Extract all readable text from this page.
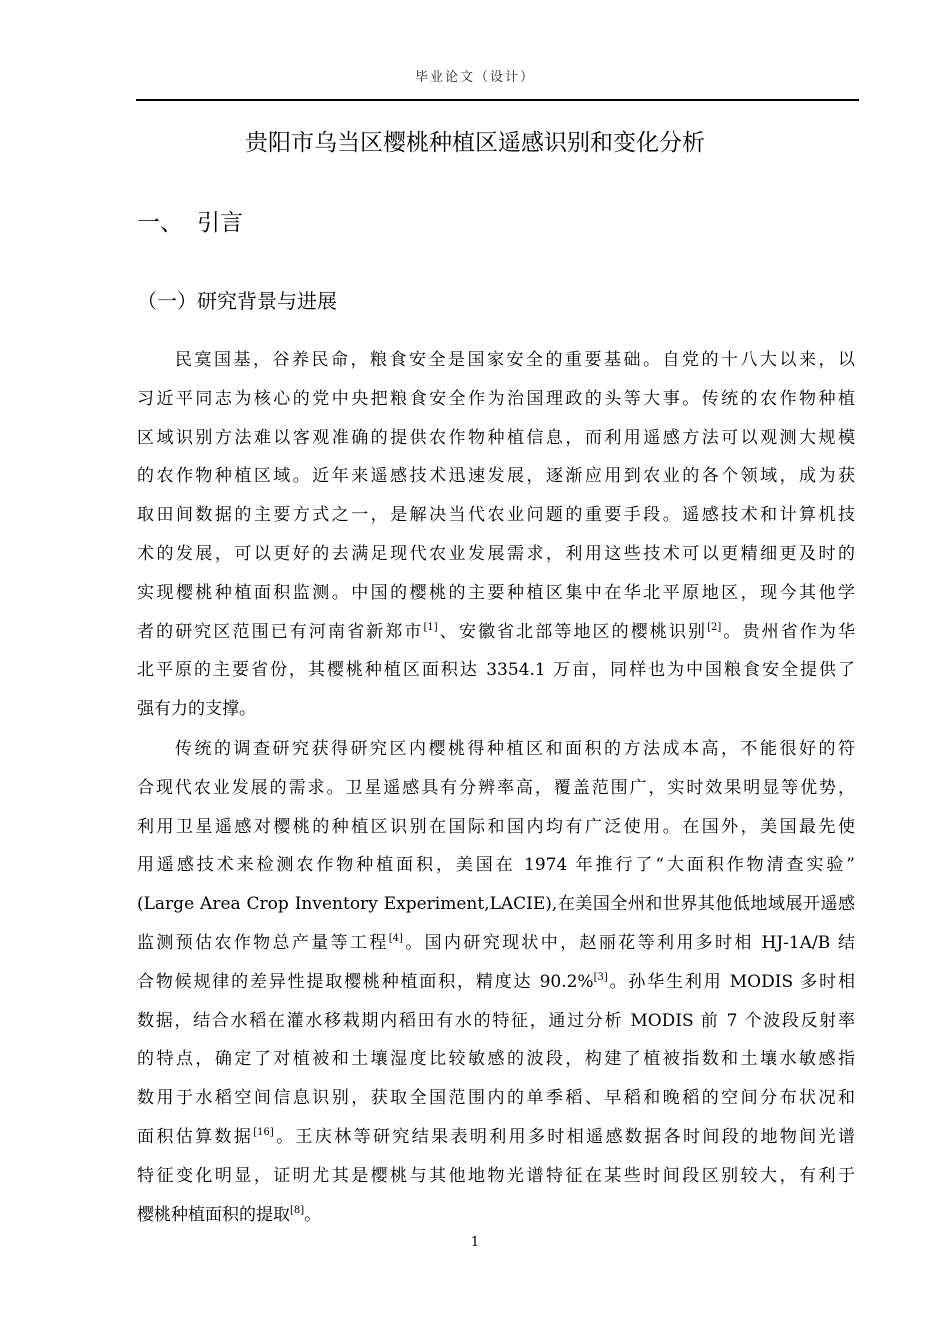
毕业论文（设计）
贵阳市乌当区樱桃种植区遥感识别和变化分析
一、 引言
（一）研究背景与进展
民寞国基，谷养民命，粮食安全是国家安全的重要基础。自党的十八大以来，以
习近平同志为核心的党中央把粮食安全作为治国理政的头等大事。传统的农作物种植
区域识别方法难以客观准确的提供农作物种植信息，而利用遥感方法可以观测大规模
的农作物种植区域。近年来遥感技术迅速发展，逐渐应用到农业的各个领域，成为获
取田间数据的主要方式之一，是解决当代农业问题的重要手段。遥感技术和计算机技
术的发展，可以更好的去满足现代农业发展需求，利用这些技术可以更精细更及时的
实现樱桃种植面积监测。中国的樱桃的主要种植区集中在华北平原地区，现今其他学
者的研究区范围已有河南省新郑市[1]、安徽省北部等地区的樱桃识别[2]。贵州省作为华
北平原的主要省份，其樱桃种植区面积达 3354.1 万亩，同样也为中国粮食安全提供了
强有力的支撑。
传统的调查研究获得研究区内樱桃得种植区和面积的方法成本高，不能很好的符
合现代农业发展的需求。卫星遥感具有分辨率高，覆盖范围广，实时效果明显等优势，
利用卫星遥感对樱桃的种植区识别在国际和国内均有广泛使用。在国外，美国最先使
用遥感技术来检测农作物种植面积，美国在 1974 年推行了“大面积作物清查实验”
(Large Area Crop Inventory Experiment,LACIE),在美国全州和世界其他低地域展开遥感
监测预估农作物总产量等工程[4]。国内研究现状中，赵丽花等利用多时相 HJ-1A/B 结
合物候规律的差异性提取樱桃种植面积，精度达 90.2%[3]。孙华生利用 MODIS 多时相
数据，结合水稻在灌水移栽期内稻田有水的特征，通过分析 MODIS 前 7 个波段反射率
的特点，确定了对植被和土壤湿度比较敏感的波段，构建了植被指数和土壤水敏感指
数用于水稻空间信息识别，获取全国范围内的单季稻、早稻和晚稻的空间分布状况和
面积估算数据[16]。王庆林等研究结果表明利用多时相遥感数据各时间段的地物间光谱
特征变化明显，证明尤其是樱桃与其他地物光谱特征在某些时间段区别较大，有利于
樱桃种植面积的提取[8]。
1
